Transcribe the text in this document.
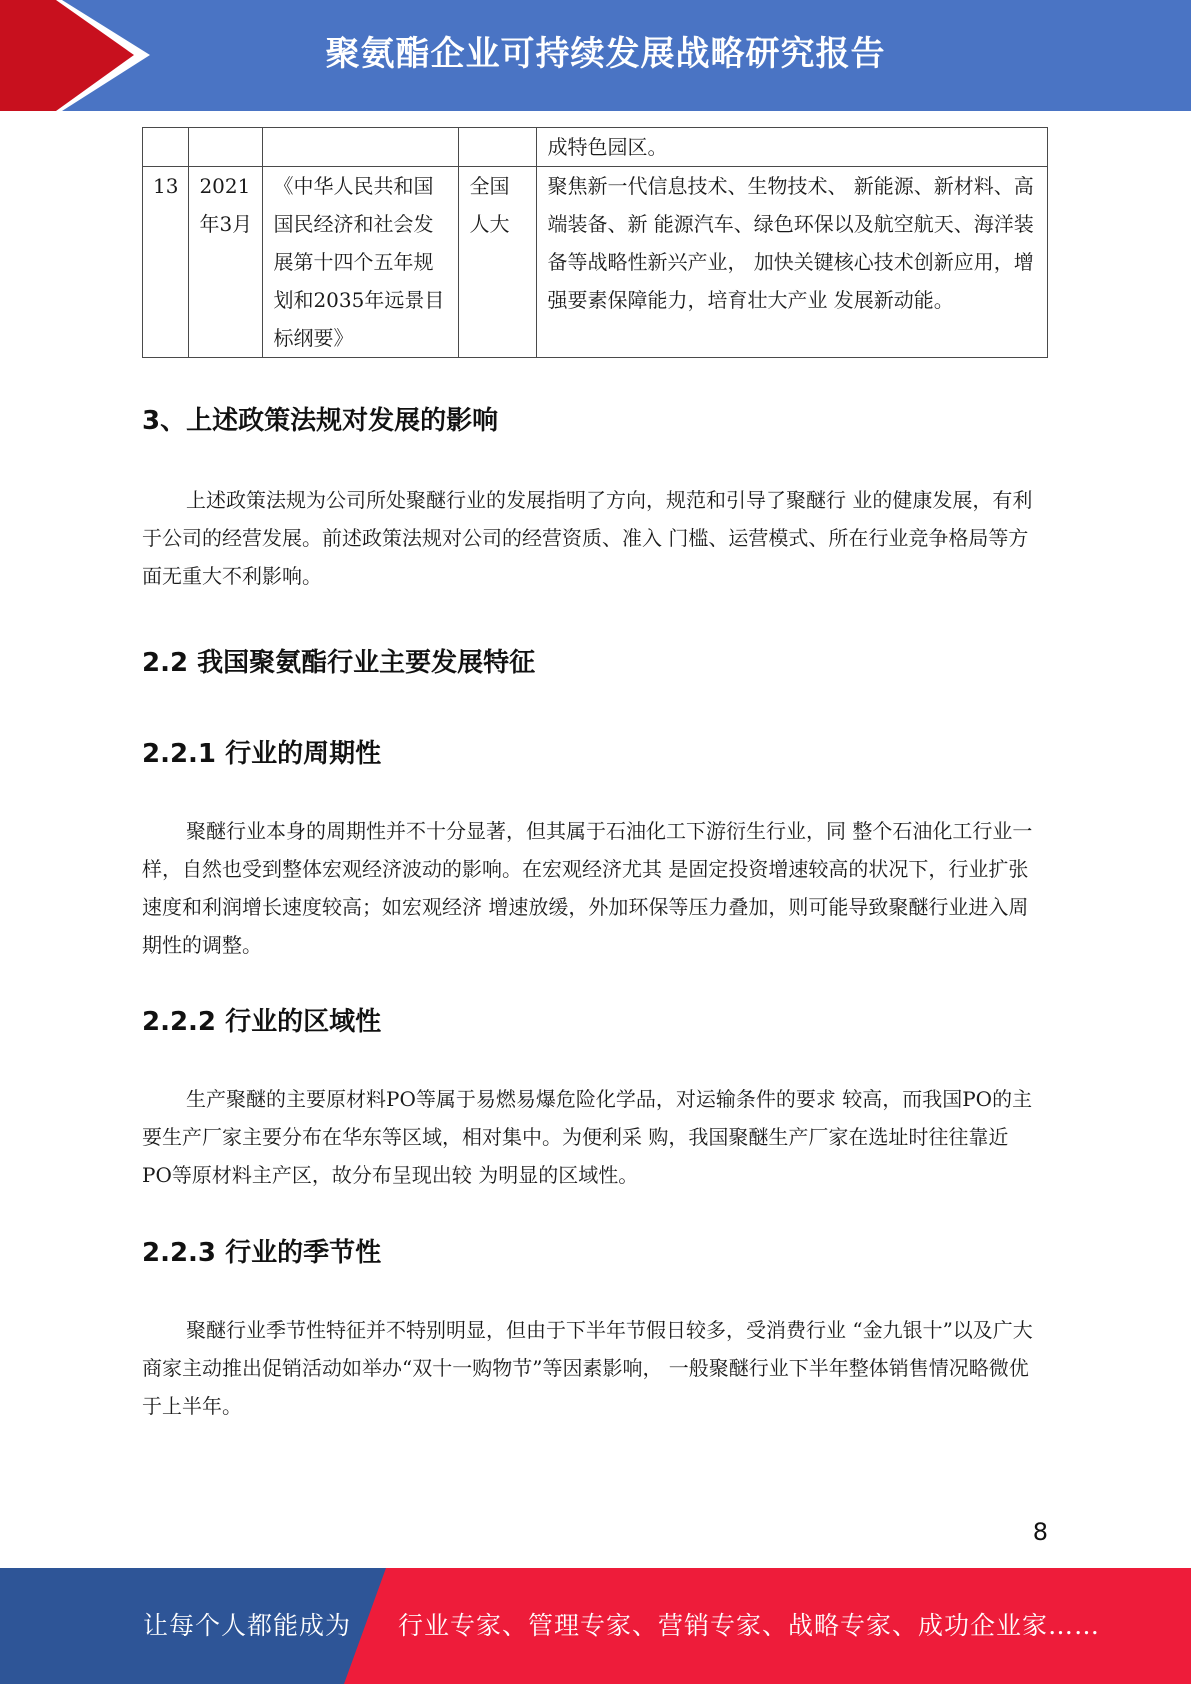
聚氨酯企业可持续发展战略研究报告
				成特色园区。
13	2021年3月	《中华人民共和国国民经济和社会发展第十四个五年规划和2035年远景目标纲要》	全国人大	聚焦新一代信息技术、生物技术、 新能源、新材料、高端装备、新 能源汽车、绿色环保以及航空航天、海洋装备等战略性新兴产业， 加快关键核心技术创新应用，增 强要素保障能力，培育壮大产业 发展新动能。
3、上述政策法规对发展的影响

上述政策法规为公司所处聚醚行业的发展指明了方向，规范和引导了聚醚行 业的健康发展，有利于公司的经营发展。前述政策法规对公司的经营资质、准入 门槛、运营模式、所在行业竞争格局等方面无重大不利影响。

2.2 我国聚氨酯行业主要发展特征
2.2.1 行业的周期性

聚醚行业本身的周期性并不十分显著，但其属于石油化工下游衍生行业，同 整个石油化工行业一样，自然也受到整体宏观经济波动的影响。在宏观经济尤其 是固定投资增速较高的状况下，行业扩张速度和利润增长速度较高；如宏观经济 增速放缓，外加环保等压力叠加，则可能导致聚醚行业进入周期性的调整。

2.2.2 行业的区域性

生产聚醚的主要原材料PO等属于易燃易爆危险化学品，对运输条件的要求 较高，而我国PO的主要生产厂家主要分布在华东等区域，相对集中。为便利采 购，我国聚醚生产厂家在选址时往往靠近PO等原材料主产区，故分布呈现出较 为明显的区域性。

2.2.3 行业的季节性

聚醚行业季节性特征并不特别明显，但由于下半年节假日较多，受消费行业 “金九银十”以及广大商家主动推出促销活动如举办“双十一购物节”等因素影响， 一般聚醚行业下半年整体销售情况略微优于上半年。

8
让每个人都能成为 行业专家、管理专家、营销专家、战略专家、成功企业家……
